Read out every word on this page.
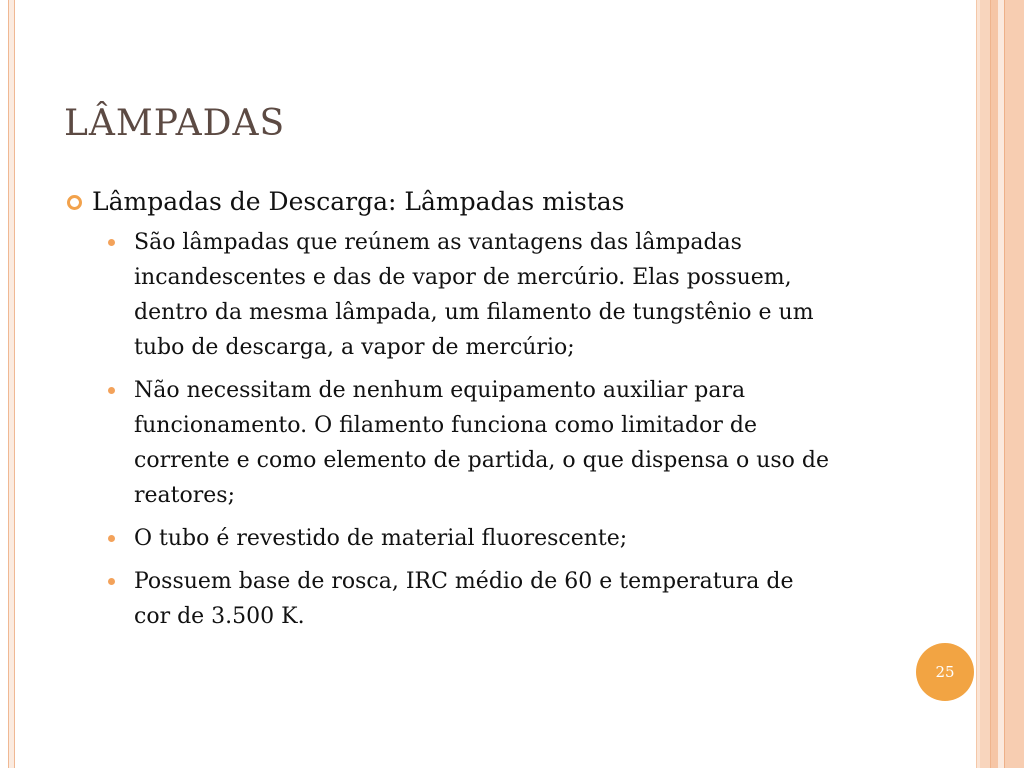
LÂMPADAS
Lâmpadas de Descarga: Lâmpadas mistas
São lâmpadas que reúnem as vantagens das lâmpadas incandescentes e das de vapor de mercúrio. Elas possuem, dentro da mesma lâmpada, um filamento de tungstênio e um tubo de descarga, a vapor de mercúrio;
Não necessitam de nenhum equipamento auxiliar para funcionamento. O filamento funciona como limitador de corrente e como elemento de partida, o que dispensa o uso de reatores;
O tubo é revestido de material fluorescente;
Possuem base de rosca, IRC médio de 60 e temperatura de cor de 3.500 K.
25
